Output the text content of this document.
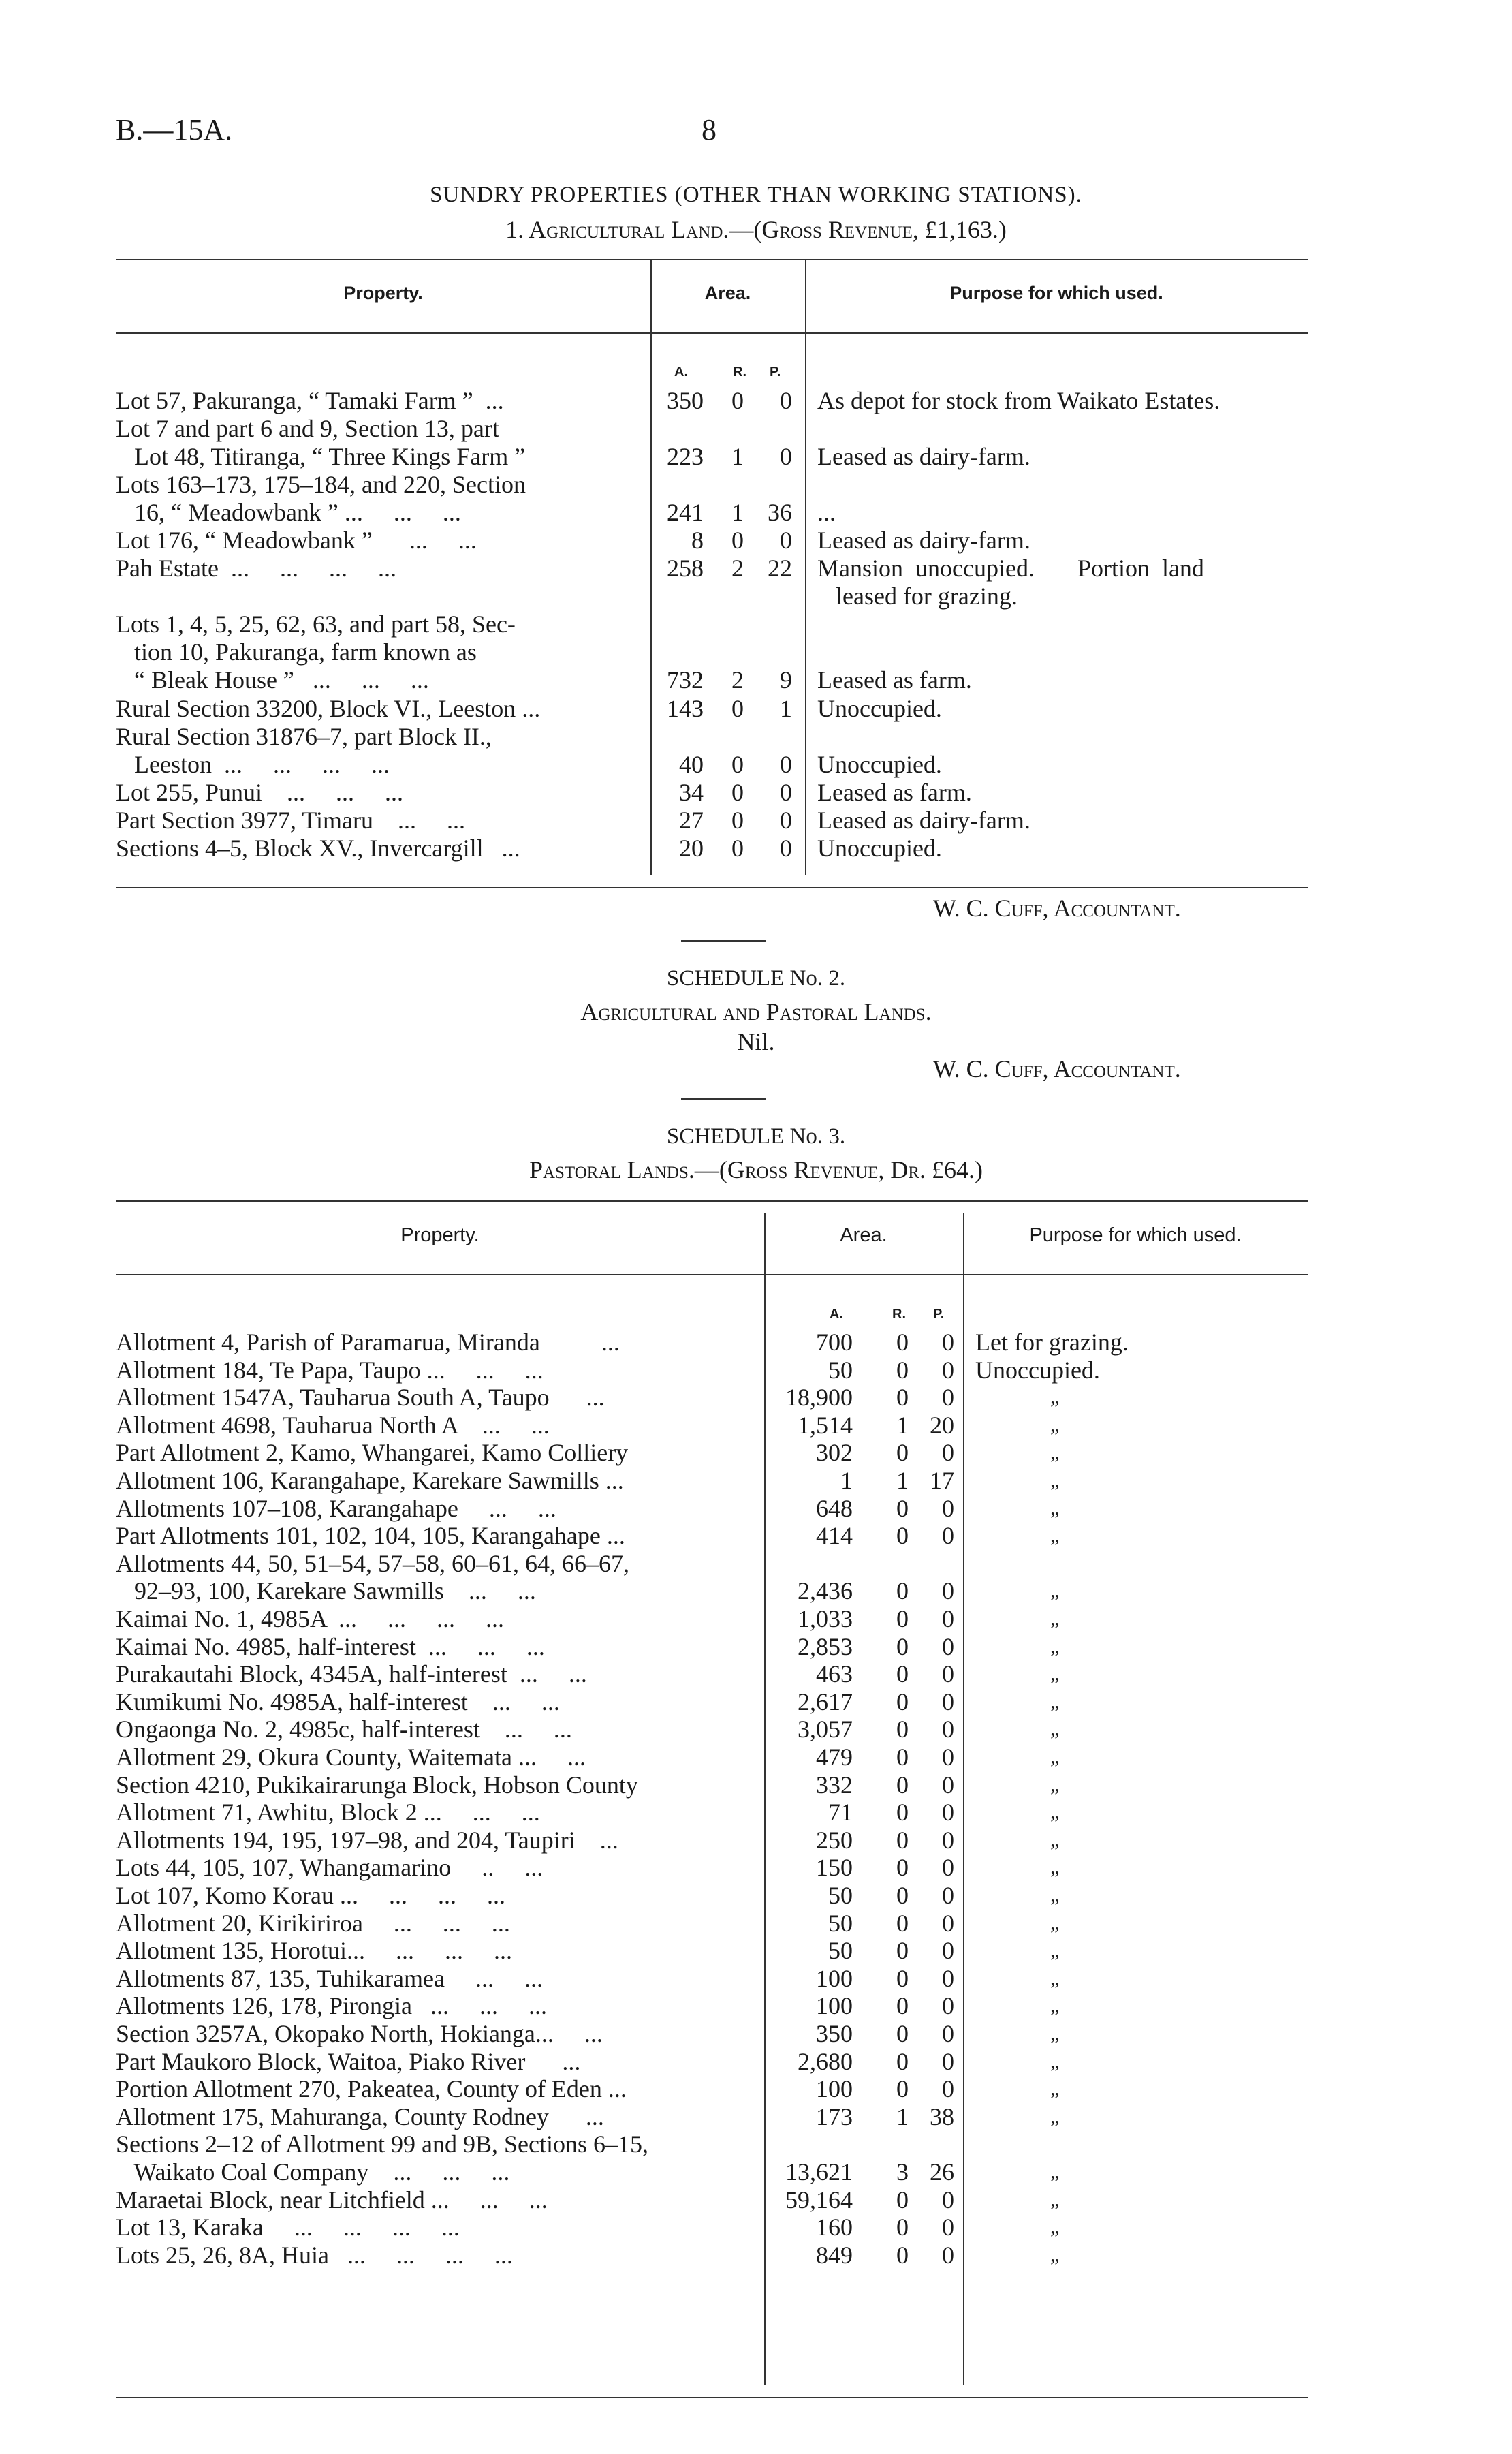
B.—15A.	8
SUNDRY PROPERTIES (OTHER THAN WORKING STATIONS).
1. Agricultural Land.—(Gross Revenue, £1,163.)
Property.	Area.	Purpose for which used.
A.	R. P.
Lot 57, Pakuranga, “ Tamaki Farm ”  ...	350	0	0 As depot for stock from Waikato Estates.
Lot 7 and part 6 and 9, Section 13, part
Lot 48, Titiranga, “ Three Kings Farm ”	223	1	0 Leased as dairy-farm.
Lots 163–173, 175–184, and 220, Section
16, “ Meadowbank ” ...     ...     ...	241	1 36 ...
Lot 176, “ Meadowbank ”      ...     ...	8	0	0 Leased as dairy-farm.
Pah Estate  ...     ...     ...     ...	258	2 22 Mansion  unoccupied.       Portion  land
leased for grazing.
Lots 1, 4, 5, 25, 62, 63, and part 58, Sec-
tion 10, Pakuranga, farm known as
“ Bleak House ”   ...     ...     ...	732	2	9 Leased as farm.
Rural Section 33200, Block VI., Leeston ...	143	0	1 Unoccupied.
Rural Section 31876–7, part Block II.,
Leeston  ...     ...     ...     ...	40	0	0 Unoccupied.
Lot 255, Punui    ...     ...     ...	34	0	0 Leased as farm.
Part Section 3977, Timaru    ...     ...	27	0	0 Leased as dairy-farm.
Sections 4–5, Block XV., Invercargill   ...	20	0	0 Unoccupied.
W. C. Cuff, Accountant.
SCHEDULE No. 2.
Agricultural and Pastoral Lands.
Nil.
W. C. Cuff, Accountant.
SCHEDULE No. 3.
Pastoral Lands.—(Gross Revenue, Dr. £64.)
Property.	Area.	Purpose for which used.
A.	R. P.
Allotment 4, Parish of Paramarua, Miranda          ...	700	0	0 Let for grazing.
Allotment 184, Te Papa, Taupo ...     ...     ...	50	0	0 Unoccupied.
Allotment 1547A, Tauharua South A, Taupo      ...	18,900	0	0	„
Allotment 4698, Tauharua North A    ...     ...	1,514	1 20	„
Part Allotment 2, Kamo, Whangarei, Kamo Colliery	302	0	0	„
Allotment 106, Karangahape, Karekare Sawmills ...	1	1 17	„
Allotments 107–108, Karangahape     ...     ...	648	0	0	„
Part Allotments 101, 102, 104, 105, Karangahape ...	414	0	0	„
Allotments 44, 50, 51–54, 57–58, 60–61, 64, 66–67,
92–93, 100, Karekare Sawmills    ...     ...	2,436	0	0	„
Kaimai No. 1, 4985A  ...     ...     ...     ...	1,033	0	0	„
Kaimai No. 4985, half-interest  ...     ...     ...	2,853	0	0	„
Purakautahi Block, 4345A, half-interest  ...     ...	463	0	0	„
Kumikumi No. 4985A, half-interest    ...     ...	2,617	0	0	„
Ongaonga No. 2, 4985c, half-interest    ...     ...	3,057	0	0	„
Allotment 29, Okura County, Waitemata ...     ...	479	0	0	„
Section 4210, Pukikairarunga Block, Hobson County	332	0	0	„
Allotment 71, Awhitu, Block 2 ...     ...     ...	71	0	0	„
Allotments 194, 195, 197–98, and 204, Taupiri    ...	250	0	0	„
Lots 44, 105, 107, Whangamarino     ..     ...	150	0	0	„
Lot 107, Komo Korau ...     ...     ...     ...	50	0	0	„
Allotment 20, Kirikiriroa     ...     ...     ...	50	0	0	„
Allotment 135, Horotui...     ...     ...     ...	50	0	0	„
Allotments 87, 135, Tuhikaramea     ...     ...	100	0	0	„
Allotments 126, 178, Pirongia   ...     ...     ...	100	0	0	„
Section 3257A, Okopako North, Hokianga...     ...	350	0	0	„
Part Maukoro Block, Waitoa, Piako River      ...	2,680	0	0	„
Portion Allotment 270, Pakeatea, County of Eden ...	100	0	0	„
Allotment 175, Mahuranga, County Rodney      ...	173	1 38	„
Sections 2–12 of Allotment 99 and 9B, Sections 6–15,
Waikato Coal Company    ...     ...     ...	13,621	3 26	„
Maraetai Block, near Litchfield ...     ...     ...	59,164	0	0	„
Lot 13, Karaka     ...     ...     ...     ...	160	0	0	„
Lots 25, 26, 8A, Huia   ...     ...     ...     ...	849	0	0	„
